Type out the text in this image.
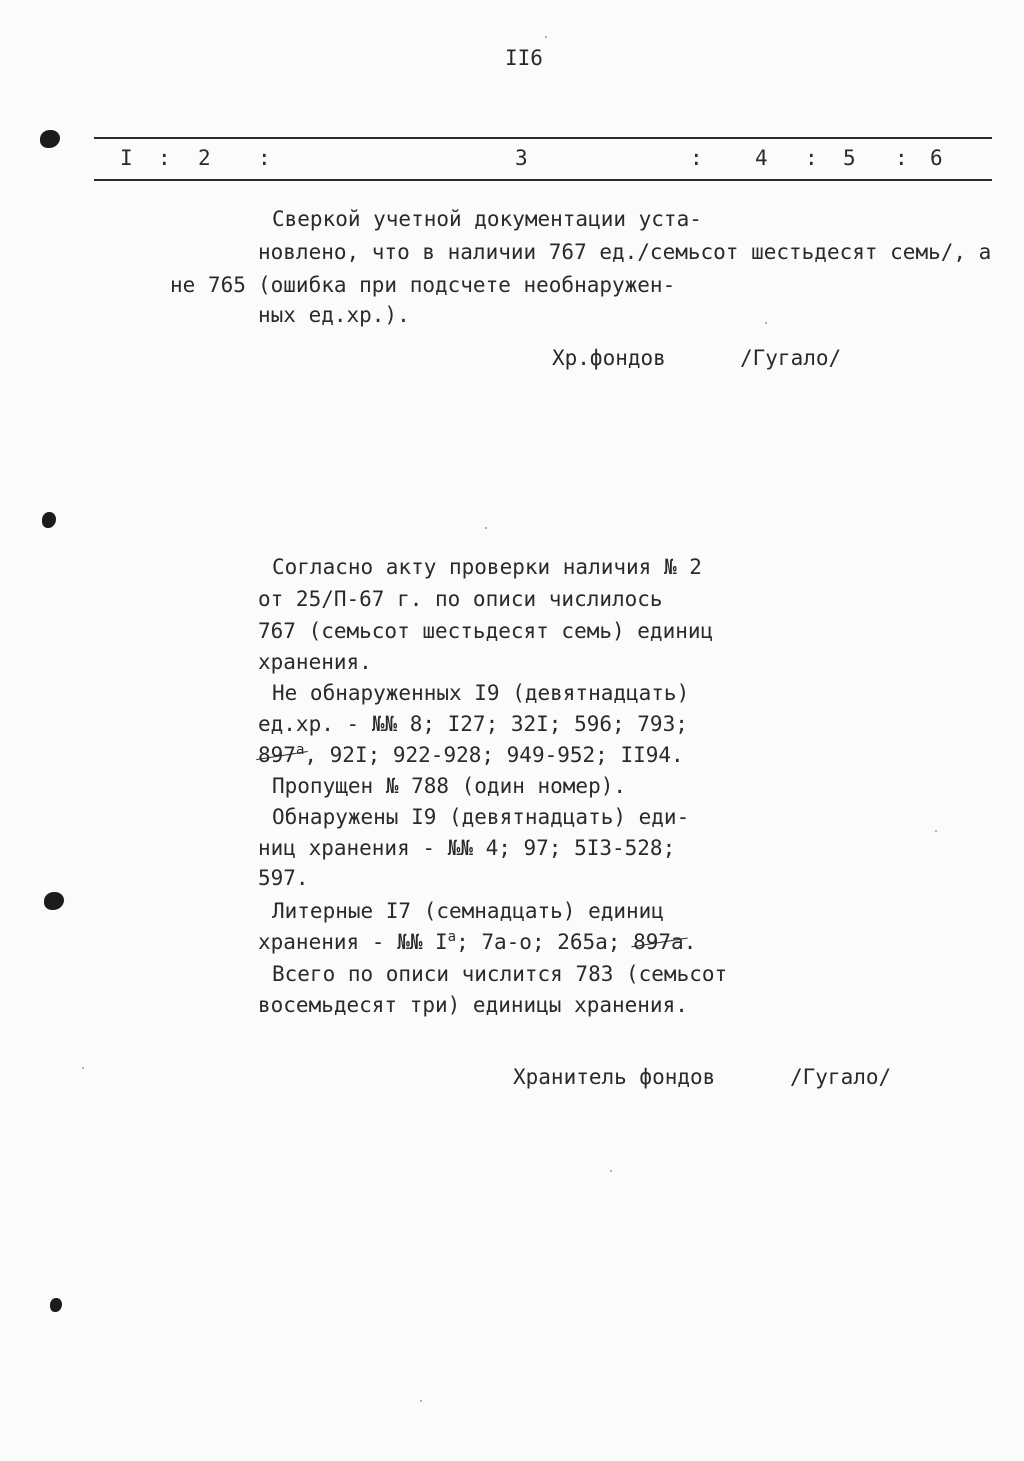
II6
I : 2 :	3	: 4 : 5 : 6
Сверкой учетной документации уста-
новлено, что в наличии 767 ед./семьсот шестьдесят семь/, а
не 765 (ошибка при подсчете необнаружен-
ных ед.хр.).
Хр.фондов	/Гугало/
Согласно акту проверки наличия № 2
от 25/П-67 г. по описи числилось
767 (семьсот шестьдесят семь) единиц
хранения.
Не обнаруженных I9 (девятнадцать)
ед.хр. - №№ 8; I27; 32I; 596; 793;
$897^а$, 92I; 922-928; 949-952; II94.
Пропущен № 788 (один номер).
Обнаружены I9 (девятнадцать) еди-
ниц хранения - №№ 4; 97; 5I3-528;
597.
Литерные I7 (семнадцать) единиц
хранения - №№ $I^а$; 7а-о; 265а; 897а.
Всего по описи числится 783 (семьсот
восемьдесят три) единицы хранения.
Хранитель фондов	/Гугало/
